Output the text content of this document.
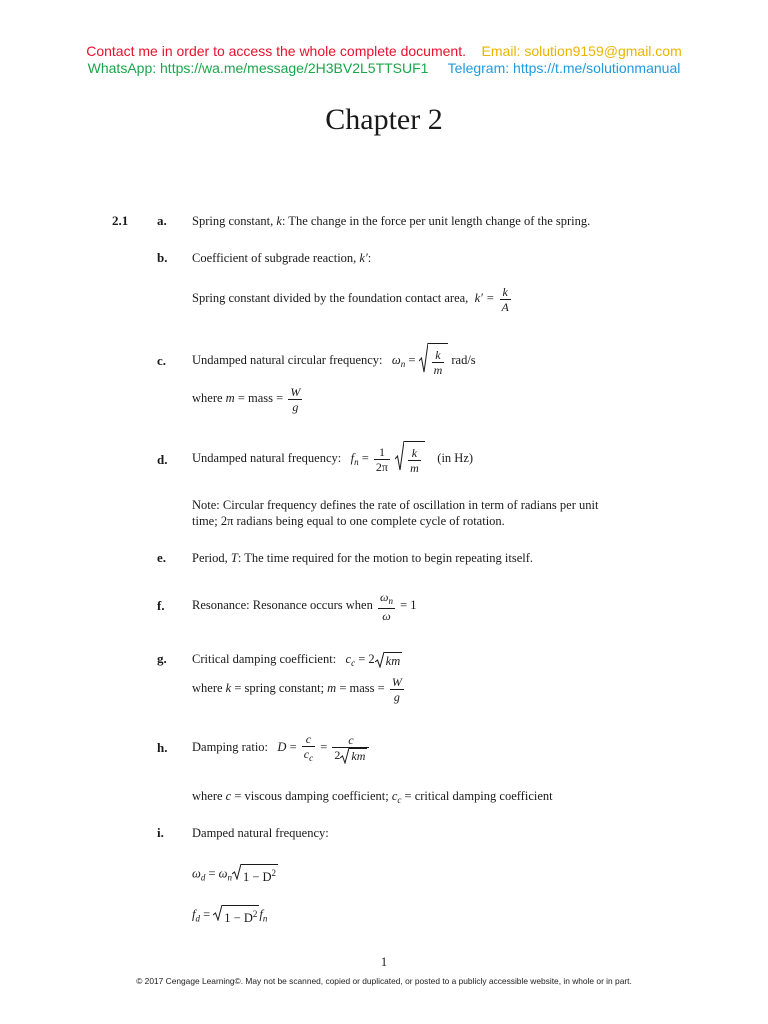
Contact me in order to access the whole complete document. Email: solution9159@gmail.com
WhatsApp: https://wa.me/message/2H3BV2L5TTSUF1 Telegram: https://t.me/solutionmanual
Chapter 2
2.1 a. Spring constant, k: The change in the force per unit length change of the spring.
b. Coefficient of subgrade reaction, k′:
Spring constant divided by the foundation contact area, $k' = \frac{k}{A}$
c. Undamped natural circular frequency: $\omega_n = \frac{k}{m} rad/s$
where m = mass = $\frac{W}{g}$
d. Undamped natural frequency: $f_n = \frac{1}{2\pi}$
$\frac{k}{m} (in$ Hz)
Note: Circular frequency defines the rate of oscillation in term of radians per unit
time; 2π radians being equal to one complete cycle of rotation.
e. Period, T: The time required for the motion to begin repeating itself.
f. Resonance: Resonance occurs when $\frac{\omega_n}{\omega} = 1$
g. Critical damping coefficient: $c_c = 2$ km
where k = spring constant; m = mass = $\frac{W}{g}$
h. Damping ratio: $D = \frac{c}{c_c} = \frac{c}{2 km}$
where c = viscous damping coefficient; $c_c$ = critical damping coefficient
i. Damped natural frequency:
$\omega_d = \omega_n$ $1 - D^2$
$f_d = 1 - D^2$ $f_n$
1
© 2017 Cengage Learning©. May not be scanned, copied or duplicated, or posted to a publicly accessible website, in whole or in part.
